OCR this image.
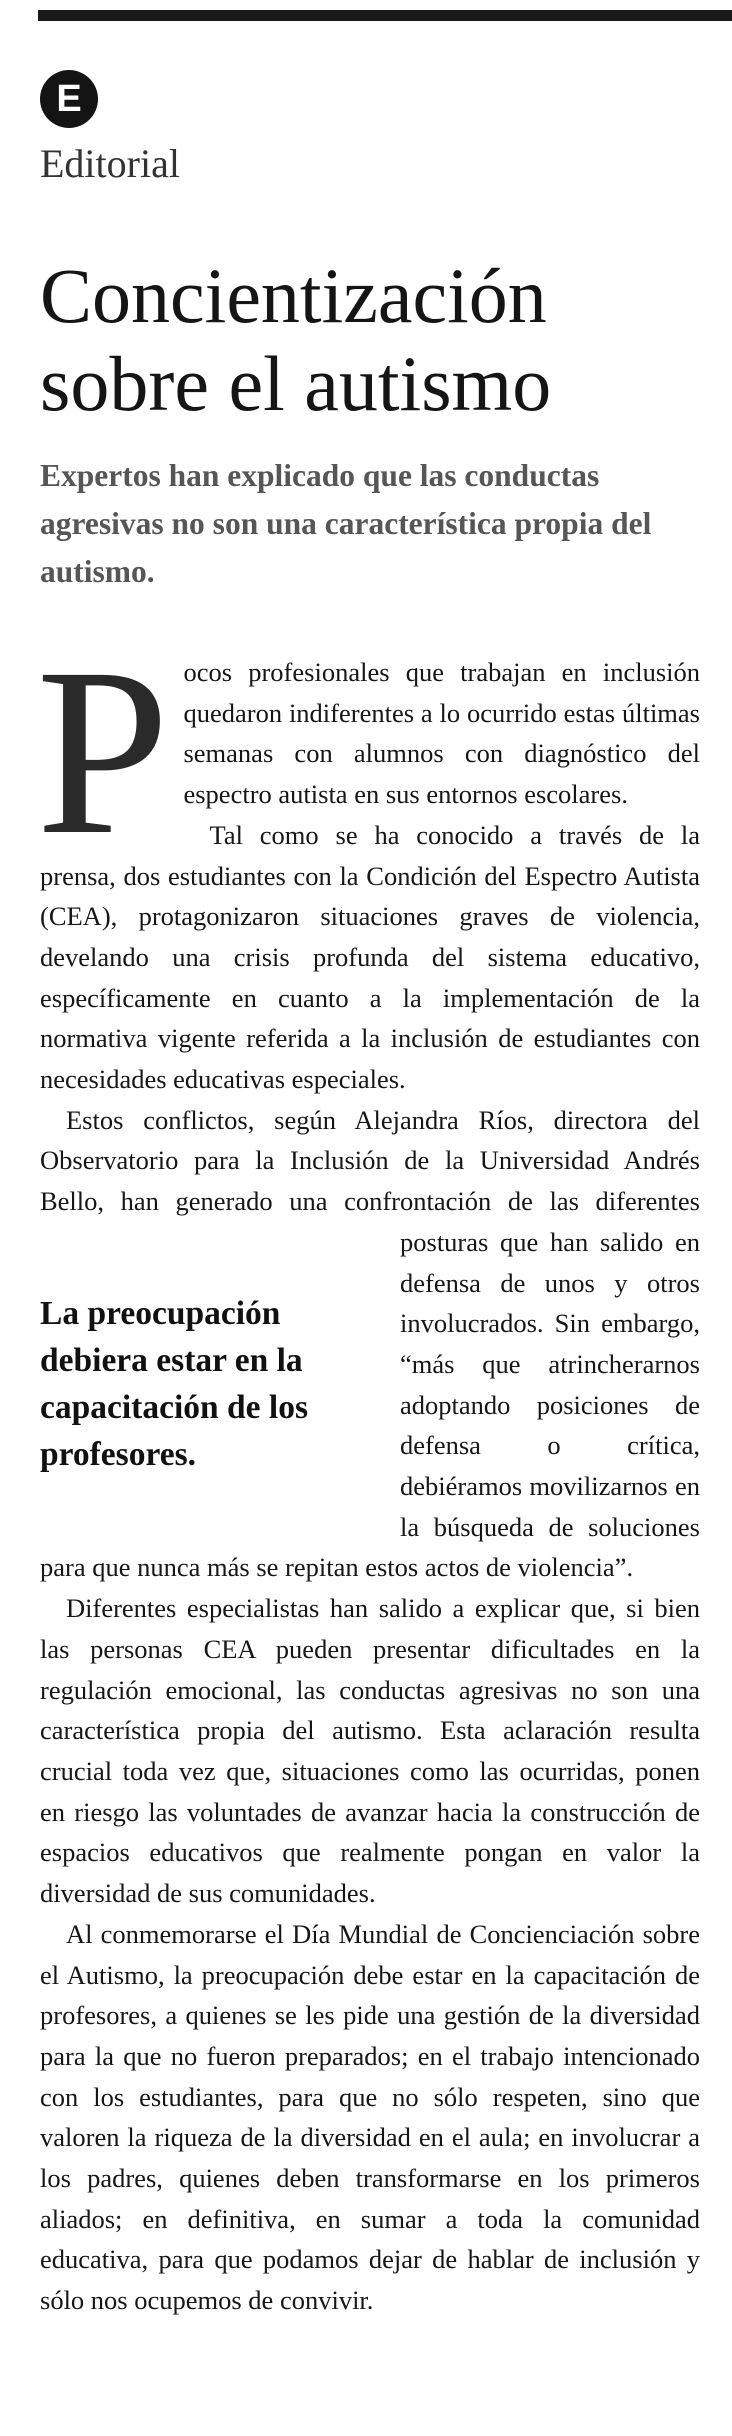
E
Editorial
Concientización sobre el autismo

Expertos han explicado que las conductas agresivas no son una característica propia del autismo.

P ocos profesionales que trabajan en inclusión quedaron indiferentes a lo ocurrido estas últimas semanas con alumnos con diagnóstico del espectro autista en sus entornos escolares.

Tal como se ha conocido a través de la prensa, dos estudiantes con la Condición del Espectro Autista (CEA), protagonizaron situaciones graves de violencia, develando una crisis profunda del sistema educativo, específicamente en cuanto a la implementación de la normativa vigente referida a la inclusión de estudiantes con necesidades educativas especiales.

La preocupación debiera estar en la capacitación de los profesores.

Estos conflictos, según Alejandra Ríos, directora del Observatorio para la Inclusión de la Universidad Andrés Bello, han generado una confrontación de las diferentes posturas que han salido en defensa de unos y otros involucrados. Sin embargo, “más que atrincherarnos adoptando posiciones de defensa o crítica, debiéramos movilizarnos en la búsqueda de soluciones para que nunca más se repitan estos actos de violencia”.

Diferentes especialistas han salido a explicar que, si bien las personas CEA pueden presentar dificultades en la regulación emocional, las conductas agresivas no son una característica propia del autismo. Esta aclaración resulta crucial toda vez que, situaciones como las ocurridas, ponen en riesgo las voluntades de avanzar hacia la construcción de espacios educativos que realmente pongan en valor la diversidad de sus comunidades.

Al conmemorarse el Día Mundial de Concienciación sobre el Autismo, la preocupación debe estar en la capacitación de profesores, a quienes se les pide una gestión de la diversidad para la que no fueron preparados; en el trabajo intencionado con los estudiantes, para que no sólo respeten, sino que valoren la riqueza de la diversidad en el aula; en involucrar a los padres, quienes deben transformarse en los primeros aliados; en definitiva, en sumar a toda la comunidad educativa, para que podamos dejar de hablar de inclusión y sólo nos ocupemos de convivir.
